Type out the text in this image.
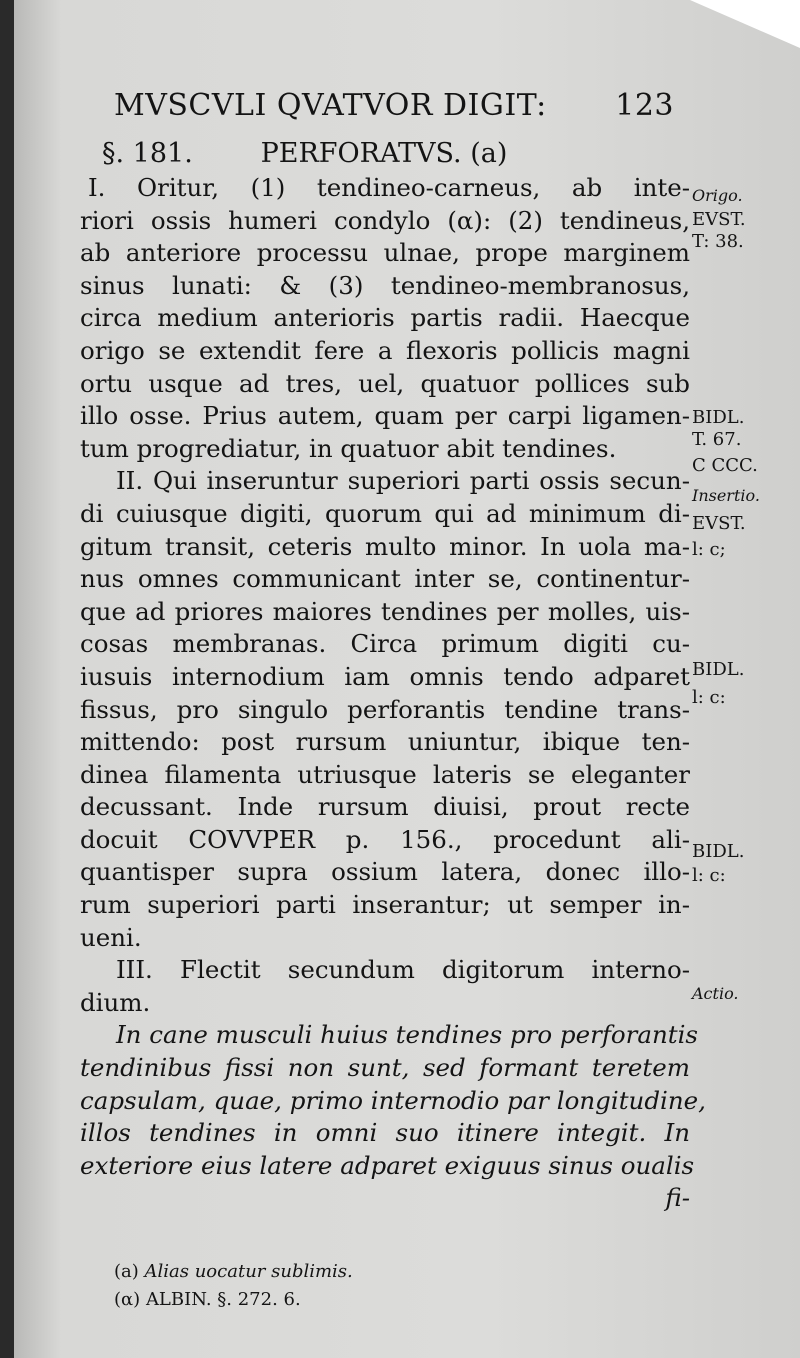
MVSCVLI QVATVOR DIGIT: 123
§. 181.	PERFORATVS. (a)
I. Oritur, (1) tendineo-carneus, ab inte-
riori ossis humeri condylo (α): (2) tendineus,
ab anteriore processu ulnae, prope marginem
sinus lunati: & (3) tendineo-membranosus,
circa medium anterioris partis radii. Haecque
origo se extendit fere a flexoris pollicis magni
ortu usque ad tres, uel, quatuor pollices sub
illo osse. Prius autem, quam per carpi ligamen-
tum progrediatur, in quatuor abit tendines.
II. Qui inseruntur superiori parti ossis secun-
di cuiusque digiti, quorum qui ad minimum di-
gitum transit, ceteris multo minor. In uola ma-
nus omnes communicant inter se, continentur-
que ad priores maiores tendines per molles, uis-
cosas membranas. Circa primum digiti cu-
iusuis internodium iam omnis tendo adparet
fissus, pro singulo perforantis tendine trans-
mittendo: post rursum uniuntur, ibique ten-
dinea filamenta utriusque lateris se eleganter
decussant. Inde rursum diuisi, prout recte
docuit COVVPER p. 156., procedunt ali-
quantisper supra ossium latera, donec illo-
rum superiori parti inserantur; ut semper in-
ueni.
III. Flectit secundum digitorum interno-
dium.
In cane musculi huius tendines pro perforantis
tendinibus fissi non sunt, sed formant teretem
capsulam, quae, primo internodio par longitudine,
illos tendines in omni suo itinere integit. In
exteriore eius latere adparet exiguus sinus oualis
fi-
Origo.
EVST.
T: 38.
BIDL.
T. 67.
C CCC.
Insertio.
EVST.
l: c;
BIDL.
l: c:
BIDL.
l: c:
Actio.
(a) Alias uocatur sublimis.
(α) ALBIN. §. 272. 6.
